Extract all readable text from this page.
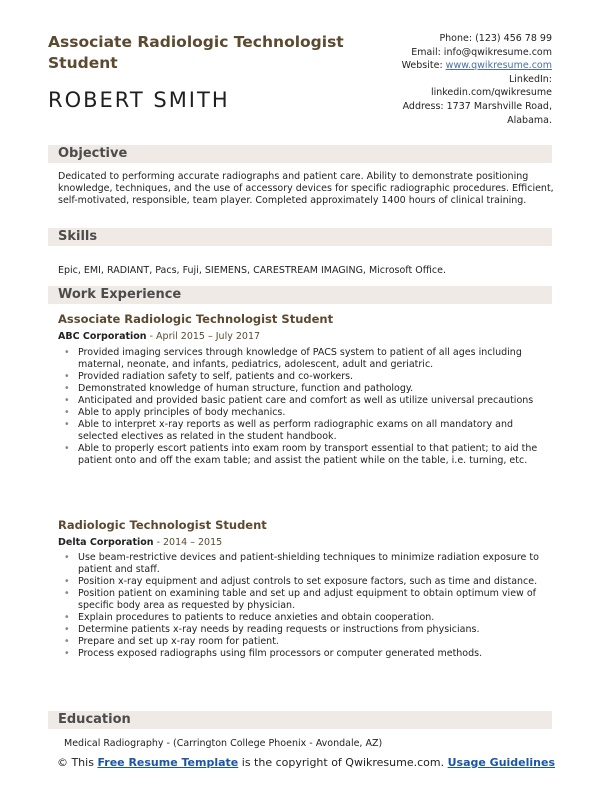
Associate Radiologic Technologist Student
ROBERT SMITH
Phone: (123) 456 78 99
Email: info@qwikresume.com
Website: www.qwikresume.com
LinkedIn:
linkedin.com/qwikresume
Address: 1737 Marshville Road,
Alabama.
Objective
Dedicated to performing accurate radiographs and patient care. Ability to demonstrate positioning knowledge, techniques, and the use of accessory devices for specific radiographic procedures. Efficient, self-motivated, responsible, team player. Completed approximately 1400 hours of clinical training.
Skills
Epic, EMI, RADIANT, Pacs, Fuji, SIEMENS, CARESTREAM IMAGING, Microsoft Office.
Work Experience
Associate Radiologic Technologist Student
ABC Corporation - April 2015 – July 2017
• Provided imaging services through knowledge of PACS system to patient of all ages including maternal, neonate, and infants, pediatrics, adolescent, adult and geriatric.
• Provided radiation safety to self, patients and co-workers.
• Demonstrated knowledge of human structure, function and pathology.
• Anticipated and provided basic patient care and comfort as well as utilize universal precautions
• Able to apply principles of body mechanics.
• Able to interpret x-ray reports as well as perform radiographic exams on all mandatory and selected electives as related in the student handbook.
• Able to properly escort patients into exam room by transport essential to that patient; to aid the patient onto and off the exam table; and assist the patient while on the table, i.e. turning, etc.
Radiologic Technologist Student
Delta Corporation - 2014 – 2015
• Use beam-restrictive devices and patient-shielding techniques to minimize radiation exposure to patient and staff.
• Position x-ray equipment and adjust controls to set exposure factors, such as time and distance.
• Position patient on examining table and set up and adjust equipment to obtain optimum view of specific body area as requested by physician.
• Explain procedures to patients to reduce anxieties and obtain cooperation.
• Determine patients x-ray needs by reading requests or instructions from physicians.
• Prepare and set up x-ray room for patient.
• Process exposed radiographs using film processors or computer generated methods.
Education
Medical Radiography - (Carrington College Phoenix - Avondale, AZ)
© This Free Resume Template is the copyright of Qwikresume.com. Usage Guidelines
